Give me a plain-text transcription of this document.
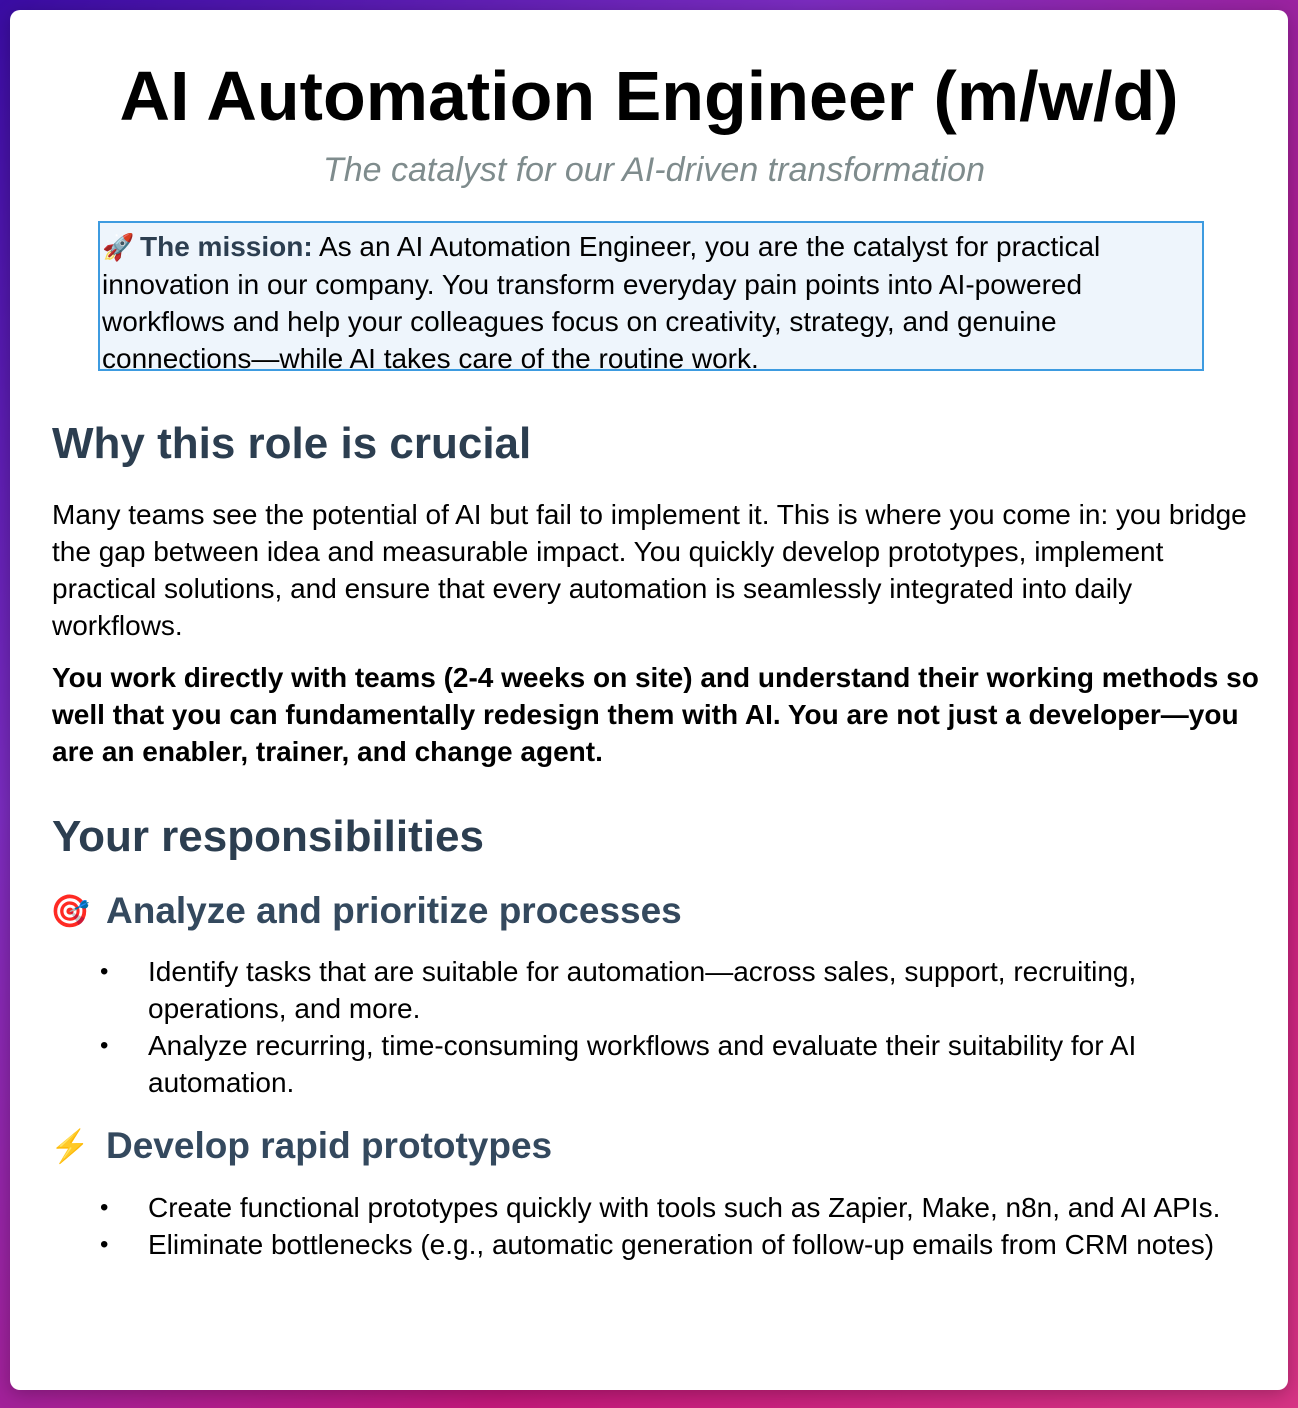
AI Automation Engineer (m/w/d)

The catalyst for our AI-driven transformation

🚀 The mission: As an AI Automation Engineer, you are the catalyst for practical innovation in our company. You transform everyday pain points into AI-powered workflows and help your colleagues focus on creativity, strategy, and genuine connections—while AI takes care of the routine work.
Why this role is crucial

Many teams see the potential of AI but fail to implement it. This is where you come in: you bridge the gap between idea and measurable impact. You quickly develop prototypes, implement practical solutions, and ensure that every automation is seamlessly integrated into daily workflows.

You work directly with teams (2-4 weeks on site) and understand their working methods so well that you can fundamentally redesign them with AI. You are not just a developer—you are an enabler, trainer, and change agent.

Your responsibilities
🎯 Analyze and prioritize processes
• Identify tasks that are suitable for automation—across sales, support, recruiting, operations, and more.
• Analyze recurring, time-consuming workflows and evaluate their suitability for AI automation.
⚡ Develop rapid prototypes
• Create functional prototypes quickly with tools such as Zapier, Make, n8n, and AI APIs.
• Eliminate bottlenecks (e.g., automatic generation of follow-up emails from CRM notes)
